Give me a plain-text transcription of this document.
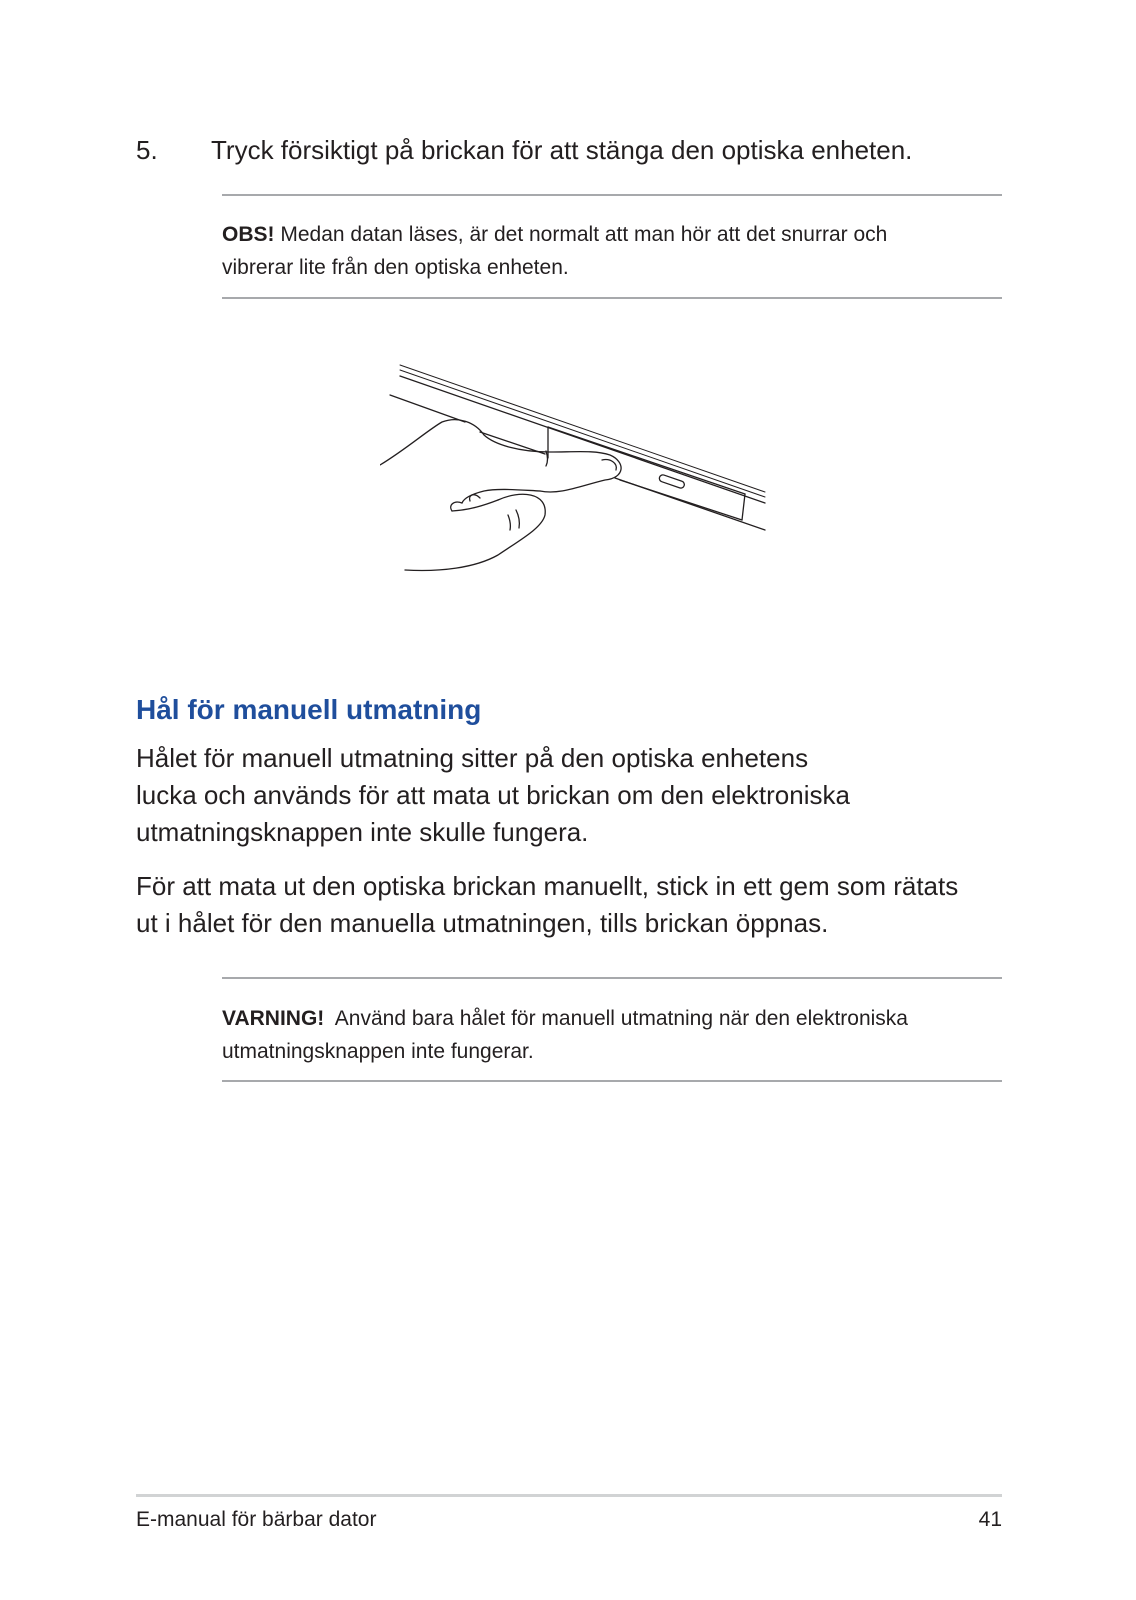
5. Tryck försiktigt på brickan för att stänga den optiska enheten.
OBS! Medan datan läses, är det normalt att man hör att det snurrar och
vibrerar lite från den optiska enheten.
Hål för manuell utmatning
Hålet för manuell utmatning sitter på den optiska enhetens
lucka och används för att mata ut brickan om den elektroniska
utmatningsknappen inte skulle fungera.
För att mata ut den optiska brickan manuellt, stick in ett gem som rätats
ut i hålet för den manuella utmatningen, tills brickan öppnas.
VARNING! Använd bara hålet för manuell utmatning när den elektroniska
utmatningsknappen inte fungerar.
E-manual för bärbar dator	41
